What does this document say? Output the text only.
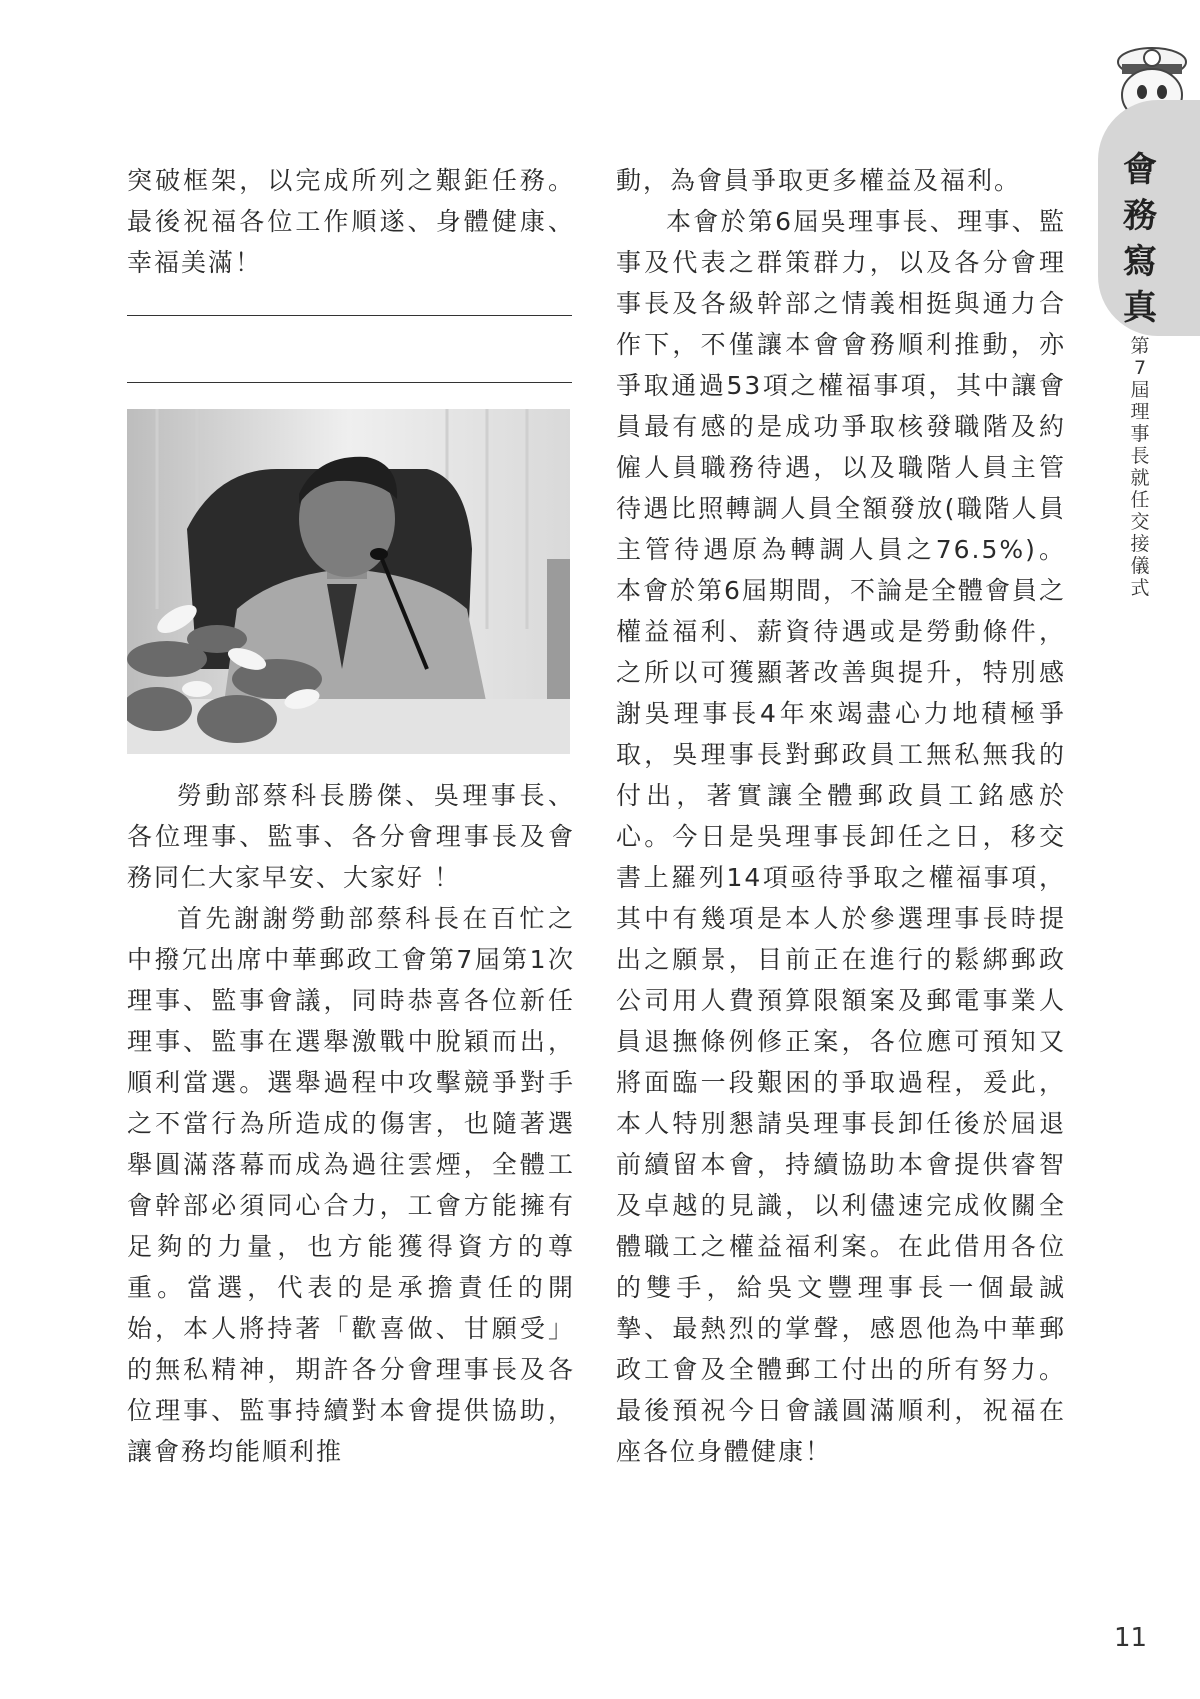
會
務
寫
真
第
7
屆
理
事
長
就
任
交
接
儀
式

突破框架，以完成所列之艱鉅任務。最後祝福各位工作順遂、身體健康、幸福美滿！

勞動部蔡科長勝傑、吳理事長、各位理事、監事、各分會理事長及會務同仁大家早安、大家好 ！

首先謝謝勞動部蔡科長在百忙之中撥冗出席中華郵政工會第7屆第1次理事、監事會議，同時恭喜各位新任理事、監事在選舉激戰中脫穎而出，順利當選。選舉過程中攻擊競爭對手之不當行為所造成的傷害，也隨著選舉圓滿落幕而成為過往雲煙，全體工會幹部必須同心合力，工會方能擁有足夠的力量，也方能獲得資方的尊重。當選，代表的是承擔責任的開始，本人將持著「歡喜做、甘願受」的無私精神，期許各分會理事長及各位理事、監事持續對本會提供協助，讓會務均能順利推

動，為會員爭取更多權益及福利。

本會於第6屆吳理事長、理事、監事及代表之群策群力，以及各分會理事長及各級幹部之情義相挺與通力合作下，不僅讓本會會務順利推動，亦爭取通過53項之權福事項，其中讓會員最有感的是成功爭取核發職階及約僱人員職務待遇，以及職階人員主管待遇比照轉調人員全額發放(職階人員主管待遇原為轉調人員之76.5%)。本會於第6屆期間，不論是全體會員之權益福利、薪資待遇或是勞動條件，之所以可獲顯著改善與提升，特別感謝吳理事長4年來竭盡心力地積極爭取，吳理事長對郵政員工無私無我的付出，著實讓全體郵政員工銘感於心。今日是吳理事長卸任之日，移交書上羅列14項亟待爭取之權福事項，其中有幾項是本人於參選理事長時提出之願景，目前正在進行的鬆綁郵政公司用人費預算限額案及郵電事業人員退撫條例修正案，各位應可預知又將面臨一段艱困的爭取過程，爰此，本人特別懇請吳理事長卸任後於屆退前續留本會，持續協助本會提供睿智及卓越的見識，以利儘速完成攸關全體職工之權益福利案。在此借用各位的雙手，給吳文豐理事長一個最誠摯、最熱烈的掌聲，感恩他為中華郵政工會及全體郵工付出的所有努力。最後預祝今日會議圓滿順利，祝福在座各位身體健康！

11
